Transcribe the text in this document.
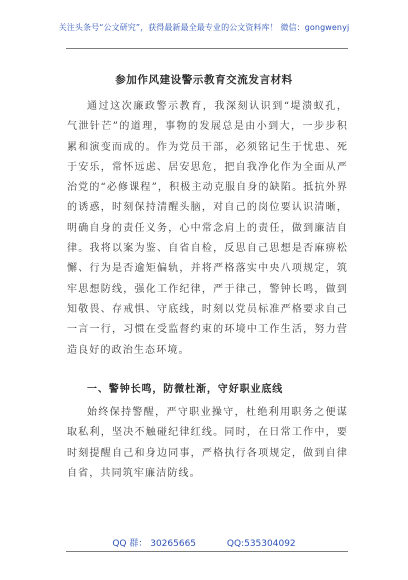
关注头条号“公文研究”，获得最新最全最专业的公文资料库！ 微信：gongwenyj
参加作风建设警示教育交流发言材料

通过这次廉政警示教育，我深刻认识到“堤溃蚁孔，气泄针芒”的道理，事物的发展总是由小到大，一步步积累和演变而成的。作为党员干部，必须铭记生于忧患、死于安乐，常怀远虑、居安思危，把自我净化作为全面从严治党的“必修课程”，积极主动克服自身的缺陷。抵抗外界的诱惑，时刻保持清醒头脑，对自己的岗位要认识清晰，明确自身的责任义务，心中常念肩上的责任，做到廉洁自律。我将以案为鉴、自省自检，反思自己思想是否麻痹松懈、行为是否逾矩偏轨，并将严格落实中央八项规定，筑牢思想防线，强化工作纪律，严于律己，警钟长鸣，做到知敬畏、存戒惧、守底线，时刻以党员标准严格要求自己一言一行，习惯在受监督约束的环境中工作生活，努力营造良好的政治生态环境。

一、警钟长鸣，防微杜渐，守好职业底线

始终保持警醒，严守职业操守，杜绝利用职务之便谋取私利，坚决不触碰纪律红线。同时，在日常工作中，要时刻提醒自己和身边同事，严格执行各项规定，做到自律自省，共同筑牢廉洁防线。

QQ 群： 30265665	QQ:535304092
